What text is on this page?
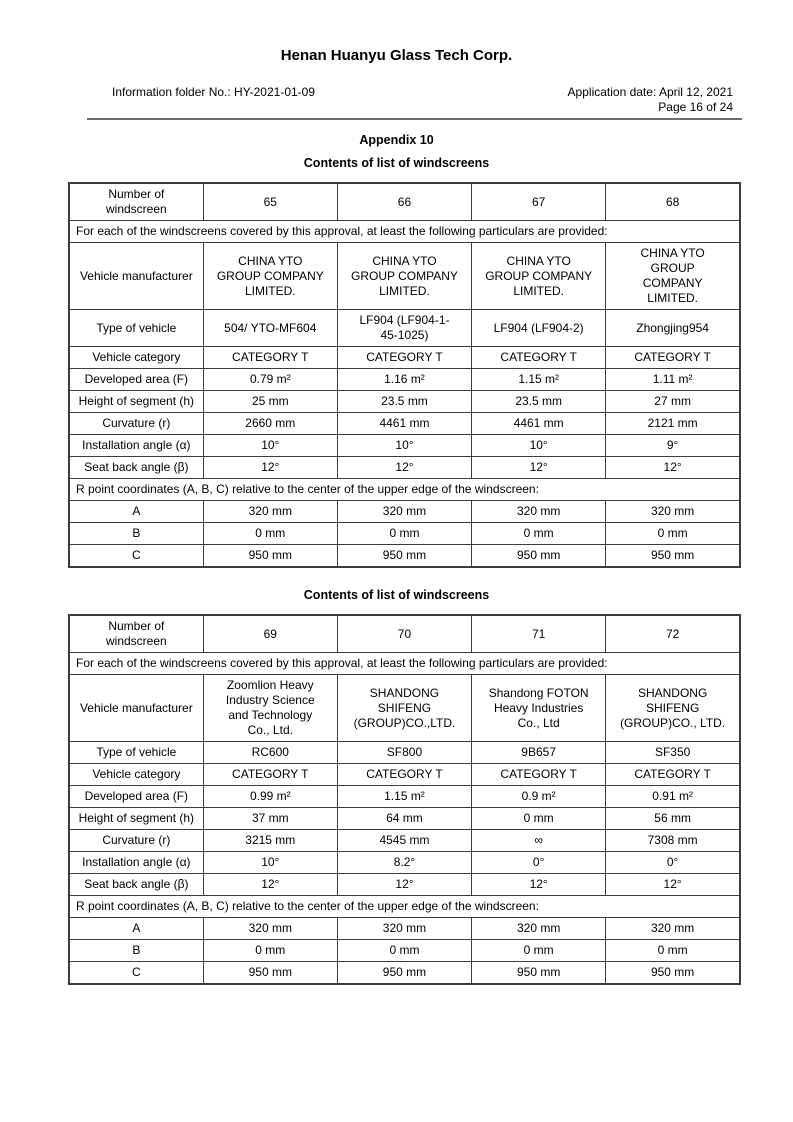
Henan Huanyu Glass Tech Corp.
Information folder No.: HY-2021-01-09	Application date: April 12, 2021
Page 16 of 24
Appendix 10
Contents of list of windscreens
Number of windscreen	65	66	67	68
For each of the windscreens covered by this approval, at least the following particulars are provided:				
Vehicle manufacturer	CHINA YTO GROUP COMPANY LIMITED.	CHINA YTO GROUP COMPANY LIMITED.	CHINA YTO GROUP COMPANY LIMITED.	CHINA YTO GROUP COMPANY LIMITED.
Type of vehicle	504/ YTO-MF604	LF904 (LF904-1-45-1025)	LF904 (LF904-2)	Zhongjing954
Vehicle category	CATEGORY T	CATEGORY T	CATEGORY T	CATEGORY T
Developed area (F)	0.79 m²	1.16 m²	1.15 m²	1.11 m²
Height of segment (h)	25 mm	23.5 mm	23.5 mm	27 mm
Curvature (r)	2660 mm	4461 mm	4461 mm	2121 mm
Installation angle (α)	10°	10°	10°	9°
Seat back angle (β)	12°	12°	12°	12°
R point coordinates (A, B, C) relative to the center of the upper edge of the windscreen:				
A	320 mm	320 mm	320 mm	320 mm
B	0 mm	0 mm	0 mm	0 mm
C	950 mm	950 mm	950 mm	950 mm
Contents of list of windscreens
Number of windscreen	69	70	71	72
For each of the windscreens covered by this approval, at least the following particulars are provided:				
Vehicle manufacturer	Zoomlion Heavy Industry Science and Technology Co., Ltd.	SHANDONG SHIFENG (GROUP)CO.,LTD.	Shandong FOTON Heavy Industries Co., Ltd	SHANDONG SHIFENG (GROUP)CO., LTD.
Type of vehicle	RC600	SF800	9B657	SF350
Vehicle category	CATEGORY T	CATEGORY T	CATEGORY T	CATEGORY T
Developed area (F)	0.99 m²	1.15 m²	0.9 m²	0.91 m²
Height of segment (h)	37 mm	64 mm	0 mm	56 mm
Curvature (r)	3215 mm	4545 mm	∞	7308 mm
Installation angle (α)	10°	8.2°	0°	0°
Seat back angle (β)	12°	12°	12°	12°
R point coordinates (A, B, C) relative to the center of the upper edge of the windscreen:				
A	320 mm	320 mm	320 mm	320 mm
B	0 mm	0 mm	0 mm	0 mm
C	950 mm	950 mm	950 mm	950 mm
